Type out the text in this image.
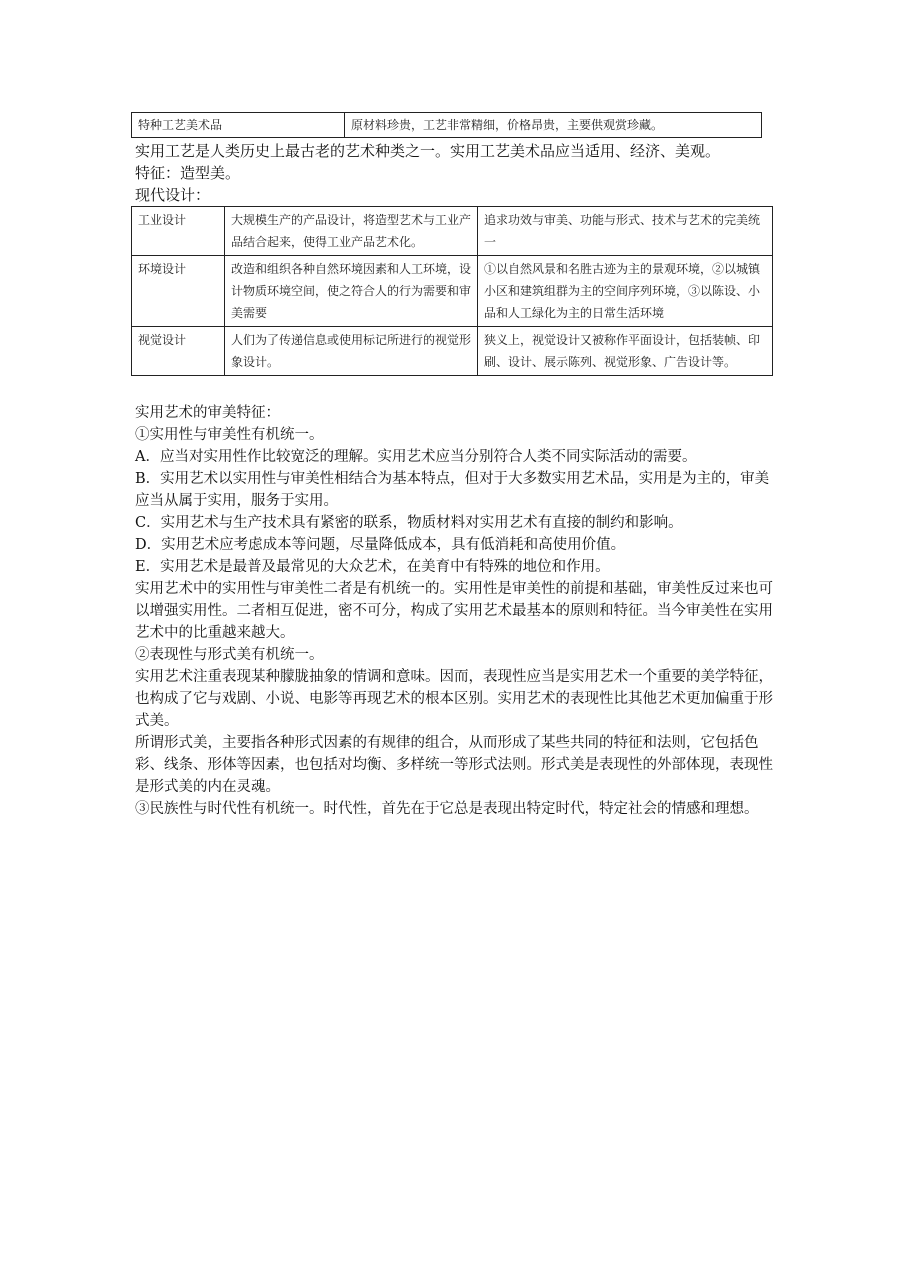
特种工艺美术品	原材料珍贵，工艺非常精细，价格昂贵，主要供观赏珍藏。

实用工艺是人类历史上最古老的艺术种类之一。实用工艺美术品应当适用、经济、美观。

特征：造型美。

现代设计：

工业设计	大规模生产的产品设计，将造型艺术与工业产品结合起来，使得工业产品艺术化。	追求功效与审美、功能与形式、技术与艺术的完美统一
环境设计	改造和组织各种自然环境因素和人工环境，设计物质环境空间，使之符合人的行为需要和审美需要	①以自然风景和名胜古迹为主的景观环境，②以城镇小区和建筑组群为主的空间序列环境，③以陈设、小品和人工绿化为主的日常生活环境
视觉设计	人们为了传递信息或使用标记所进行的视觉形象设计。	狭义上，视觉设计又被称作平面设计，包括装帧、印刷、设计、展示陈列、视觉形象、广告设计等。

实用艺术的审美特征：

①实用性与审美性有机统一。

A．应当对实用性作比较宽泛的理解。实用艺术应当分别符合人类不同实际活动的需要。

B．实用艺术以实用性与审美性相结合为基本特点，但对于大多数实用艺术品，实用是为主的，审美应当从属于实用，服务于实用。

C．实用艺术与生产技术具有紧密的联系，物质材料对实用艺术有直接的制约和影响。

D．实用艺术应考虑成本等问题，尽量降低成本，具有低消耗和高使用价值。

E．实用艺术是最普及最常见的大众艺术，在美育中有特殊的地位和作用。

实用艺术中的实用性与审美性二者是有机统一的。实用性是审美性的前提和基础，审美性反过来也可以增强实用性。二者相互促进，密不可分，构成了实用艺术最基本的原则和特征。当今审美性在实用艺术中的比重越来越大。

②表现性与形式美有机统一。

实用艺术注重表现某种朦胧抽象的情调和意味。因而，表现性应当是实用艺术一个重要的美学特征，也构成了它与戏剧、小说、电影等再现艺术的根本区别。实用艺术的表现性比其他艺术更加偏重于形式美。

所谓形式美，主要指各种形式因素的有规律的组合，从而形成了某些共同的特征和法则，它包括色彩、线条、形体等因素，也包括对均衡、多样统一等形式法则。形式美是表现性的外部体现，表现性是形式美的内在灵魂。

③民族性与时代性有机统一。时代性，首先在于它总是表现出特定时代，特定社会的情感和理想。
